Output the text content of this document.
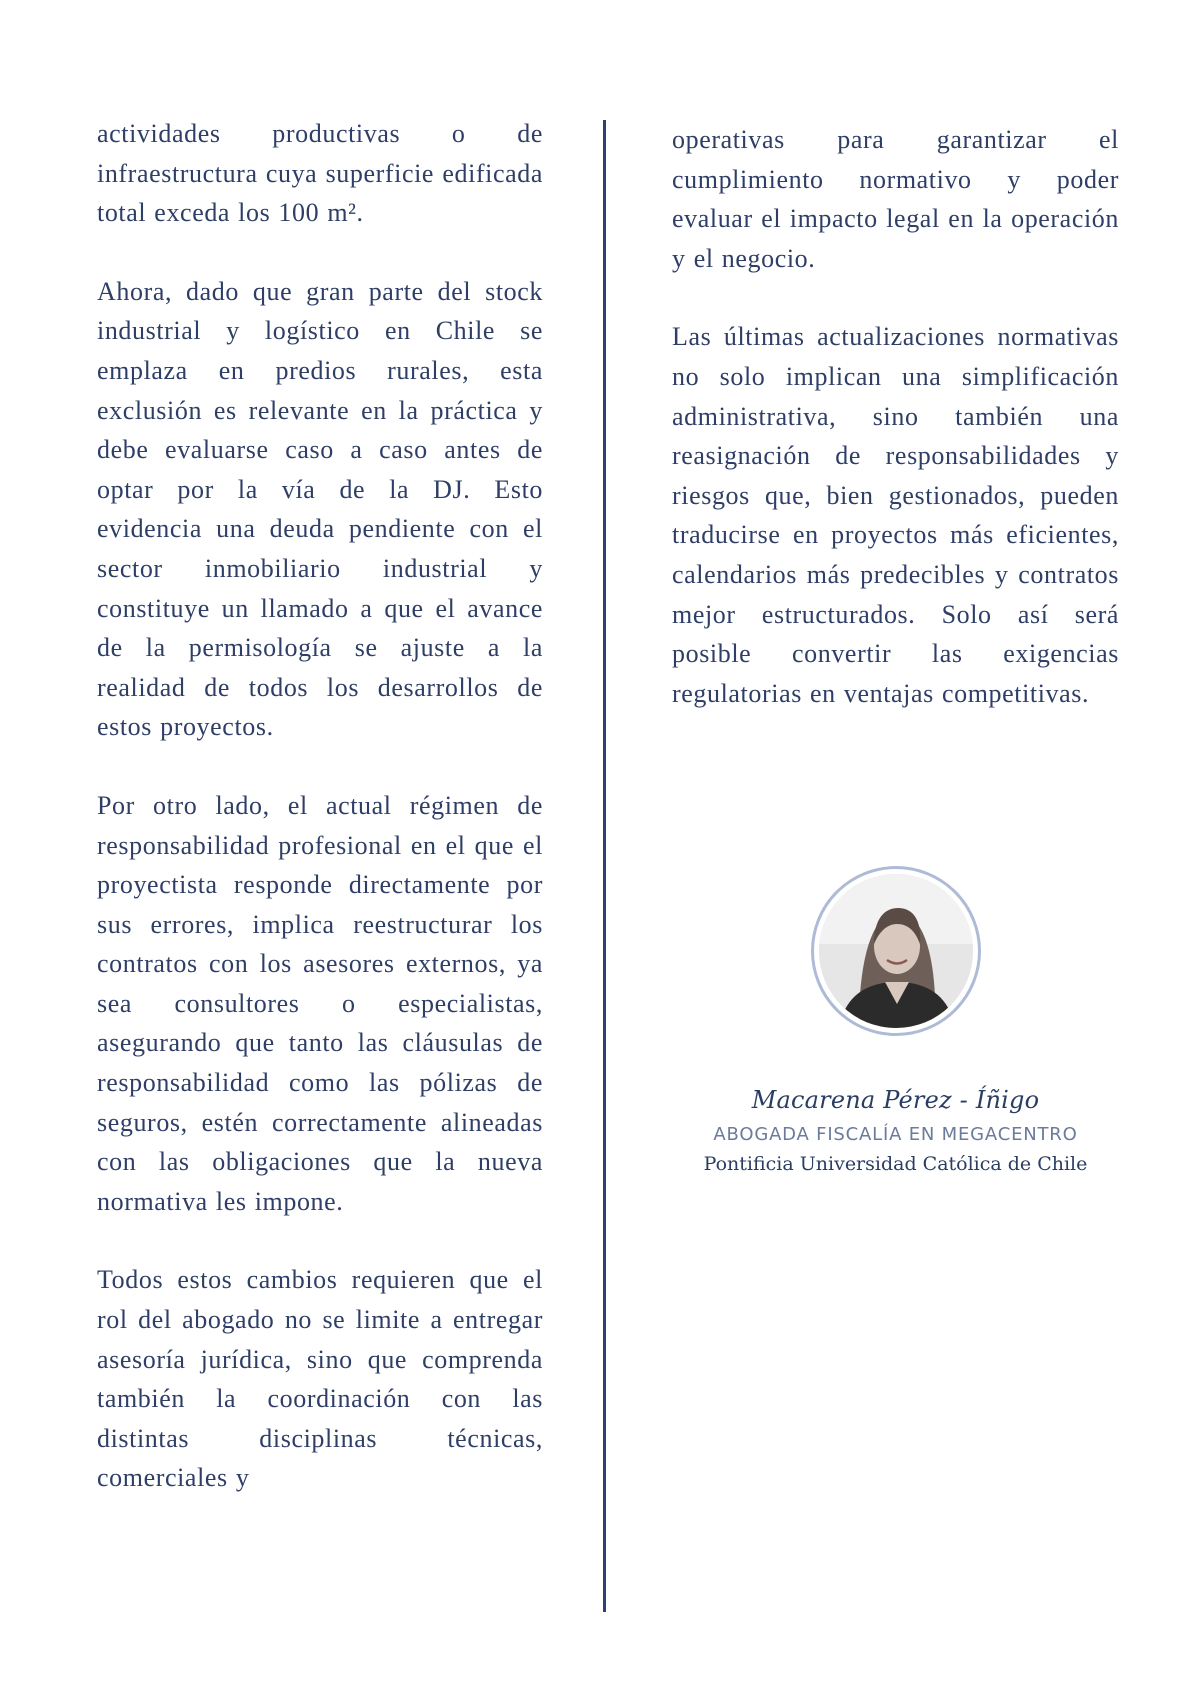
actividades productivas o de infraestructura cuya superficie edificada total exceda los 100 m².

Ahora, dado que gran parte del stock industrial y logístico en Chile se emplaza en predios rurales, esta exclusión es relevante en la práctica y debe evaluarse caso a caso antes de optar por la vía de la DJ. Esto evidencia una deuda pendiente con el sector inmobiliario industrial y constituye un llamado a que el avance de la permisología se ajuste a la realidad de todos los desarrollos de estos proyectos.

Por otro lado, el actual régimen de responsabilidad profesional en el que el proyectista responde directamente por sus errores, implica reestructurar los contratos con los asesores externos, ya sea consultores o especialistas, asegurando que tanto las cláusulas de responsabilidad como las pólizas de seguros, estén correctamente alineadas con las obligaciones que la nueva normativa les impone.

Todos estos cambios requieren que el rol del abogado no se limite a entregar asesoría jurídica, sino que comprenda también la coordinación con las distintas disciplinas técnicas, comerciales y

operativas para garantizar el cumplimiento normativo y poder evaluar el impacto legal en la operación y el negocio.

Las últimas actualizaciones normativas no solo implican una simplificación administrativa, sino también una reasignación de responsabilidades y riesgos que, bien gestionados, pueden traducirse en proyectos más eficientes, calendarios más predecibles y contratos mejor estructurados. Solo así será posible convertir las exigencias regulatorias en ventajas competitivas.

Macarena Pérez - Íñigo
ABOGADA FISCALÍA EN MEGACENTRO
Pontificia Universidad Católica de Chile
